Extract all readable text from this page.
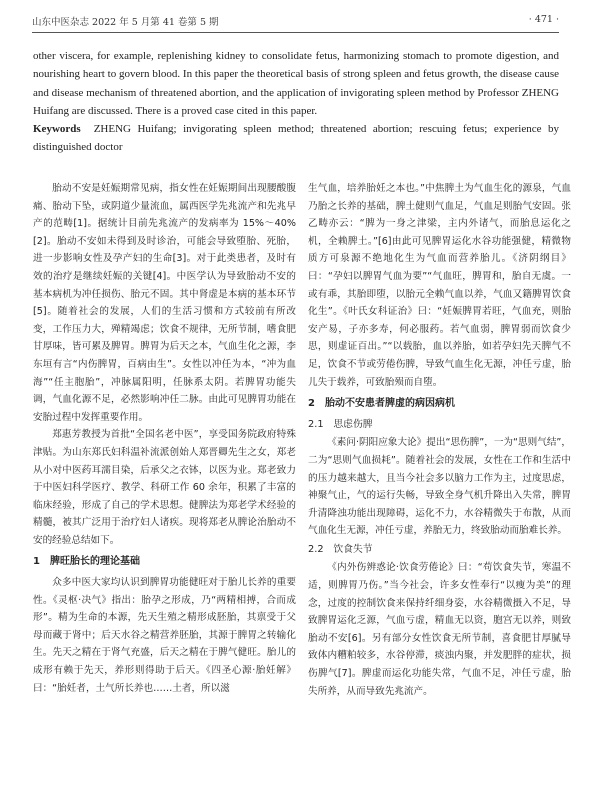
山东中医杂志 2022 年 5 月第 41 卷第 5 期	· 471 ·
other viscera, for example, replenishing kidney to consolidate fetus, harmonizing stomach to promote digestion, and nourishing heart to govern blood. In this paper the theoretical basis of strong spleen and fetus growth, the disease cause and disease mechanism of threatened abortion, and the application of invigorating spleen method by Professor ZHENG Huifang are discussed. There is a proved case cited in this paper.
Keywords ZHENG Huifang; invigorating spleen method; threatened abortion; rescuing fetus; experience by distinguished doctor

胎动不安是妊娠期常见病，指女性在妊娠期间出现腰酸腹痛、胎动下坠，或阴道少量流血，属西医学先兆流产和先兆早产的范畴[1]。据统计目前先兆流产的发病率为 15%～40%[2]。胎动不安如未得到及时诊治，可能会导致堕胎、死胎，进一步影响女性及孕产妇的生命[3]。对于此类患者，及时有效的治疗是继续妊娠的关键[4]。中医学认为导致胎动不安的基本病机为冲任损伤、胎元不固。其中肾虚是本病的基本环节[5]。随着社会的发展，人们的生活习惯和方式较前有所改变，工作压力大，殚精竭虑；饮食不规律，无所节制，嗜食肥甘厚味，皆可累及脾胃。脾胃为后天之本，气血生化之源，李东垣有言“内伤脾胃，百病由生”。女性以冲任为本，“冲为血海”“任主胞胎”，冲脉属阳明，任脉系太阴。若脾胃功能失调，气血化源不足，必然影响冲任二脉。由此可见脾胃功能在安胎过程中发挥重要作用。

郑惠芳教授为首批“全国名老中医”，享受国务院政府特殊津贴。为山东郑氏妇科温补流派创始人郑晋卿先生之女，郑老从小对中医药耳濡目染，后承父之衣钵，以医为业。郑老致力于中医妇科学医疗、教学、科研工作 60 余年，积累了丰富的临床经验，形成了自己的学术思想。健脾法为郑老学术经验的精髓，被其广泛用于治疗妇人诸疾。现将郑老从脾论治胎动不安的经验总结如下。

1　脾旺胎长的理论基础

众多中医大家均认识到脾胃功能健旺对于胎儿长养的重要性。《灵枢·决气》指出：胎孕之形成，乃“两精相搏，合而成形”。精为生命的本源，先天生殖之精形成胚胎，其禀受于父母而藏于肾中；后天水谷之精营养胚胎，其源于脾胃之转输化生。先天之精在于肾气充盛，后天之精在于脾气健旺。胎儿的成形有赖于先天，养形则得助于后天。《四圣心源·胎妊解》曰：“胎妊者，土气所长养也……土者，所以滋

生气血，培养胎妊之本也。”中焦脾土为气血生化的源泉，气血乃胎之长养的基础，脾土健则气血足，气血足则胎气安固。张乙畴亦云：“脾为一身之津梁，主内外诸气，而胎息运化之机，全赖脾土。”[6]由此可见脾胃运化水谷功能强健，精微物质方可泉源不绝地化生为气血而营养胎儿。《济阴纲目》曰：“孕妇以脾胃气血为要”“气血旺，脾胃和，胎自无虞。一或有乖，其胎即堕，以胎元全赖气血以养，气血又籍脾胃饮食化生”。《叶氏女科证治》曰：“妊娠脾胃若旺，气血充，则胎安产易，子亦多寿，何必服药。若气血弱，脾胃弱而饮食少思，则虚证百出。”“以载胎，血以养胎，如若孕妇先天脾气不足，饮食不节或劳倦伤脾，导致气血生化无源，冲任亏虚，胎儿失于载养，可致胎殒而自堕。

2　胎动不安患者脾虚的病因病机
2.1　思虑伤脾

《素问·阴阳应象大论》提出“思伤脾”，一为“思则气结”，二为“思则气血损耗”。随着社会的发展，女性在工作和生活中的压力越来越大，且当今社会多以脑力工作为主，过度思虑，神聚气止，气的运行失畅，导致全身气机升降出入失常，脾胃升清降浊功能出现障碍，运化不力，水谷精微失于布散，从而气血化生无源，冲任亏虚，养胎无力，终致胎动而胎难长养。

2.2　饮食失节

《内外伤辨惑论·饮食劳倦论》曰：“苟饮食失节，寒温不适，则脾胃乃伤。”当今社会，许多女性奉行“以瘦为美”的理念，过度的控制饮食来保持纤细身姿，水谷精微摄入不足，导致脾胃运化乏源，气血亏虚，精血无以资，胞宫无以养，则致胎动不安[6]。另有部分女性饮食无所节制，喜食肥甘厚腻导致体内糟粕较多，水谷停滞，痰浊内聚，并发肥胖的症状，损伤脾气[7]。脾虚而运化功能失常，气血不足，冲任亏虚，胎失所养，从而导致先兆流产。
